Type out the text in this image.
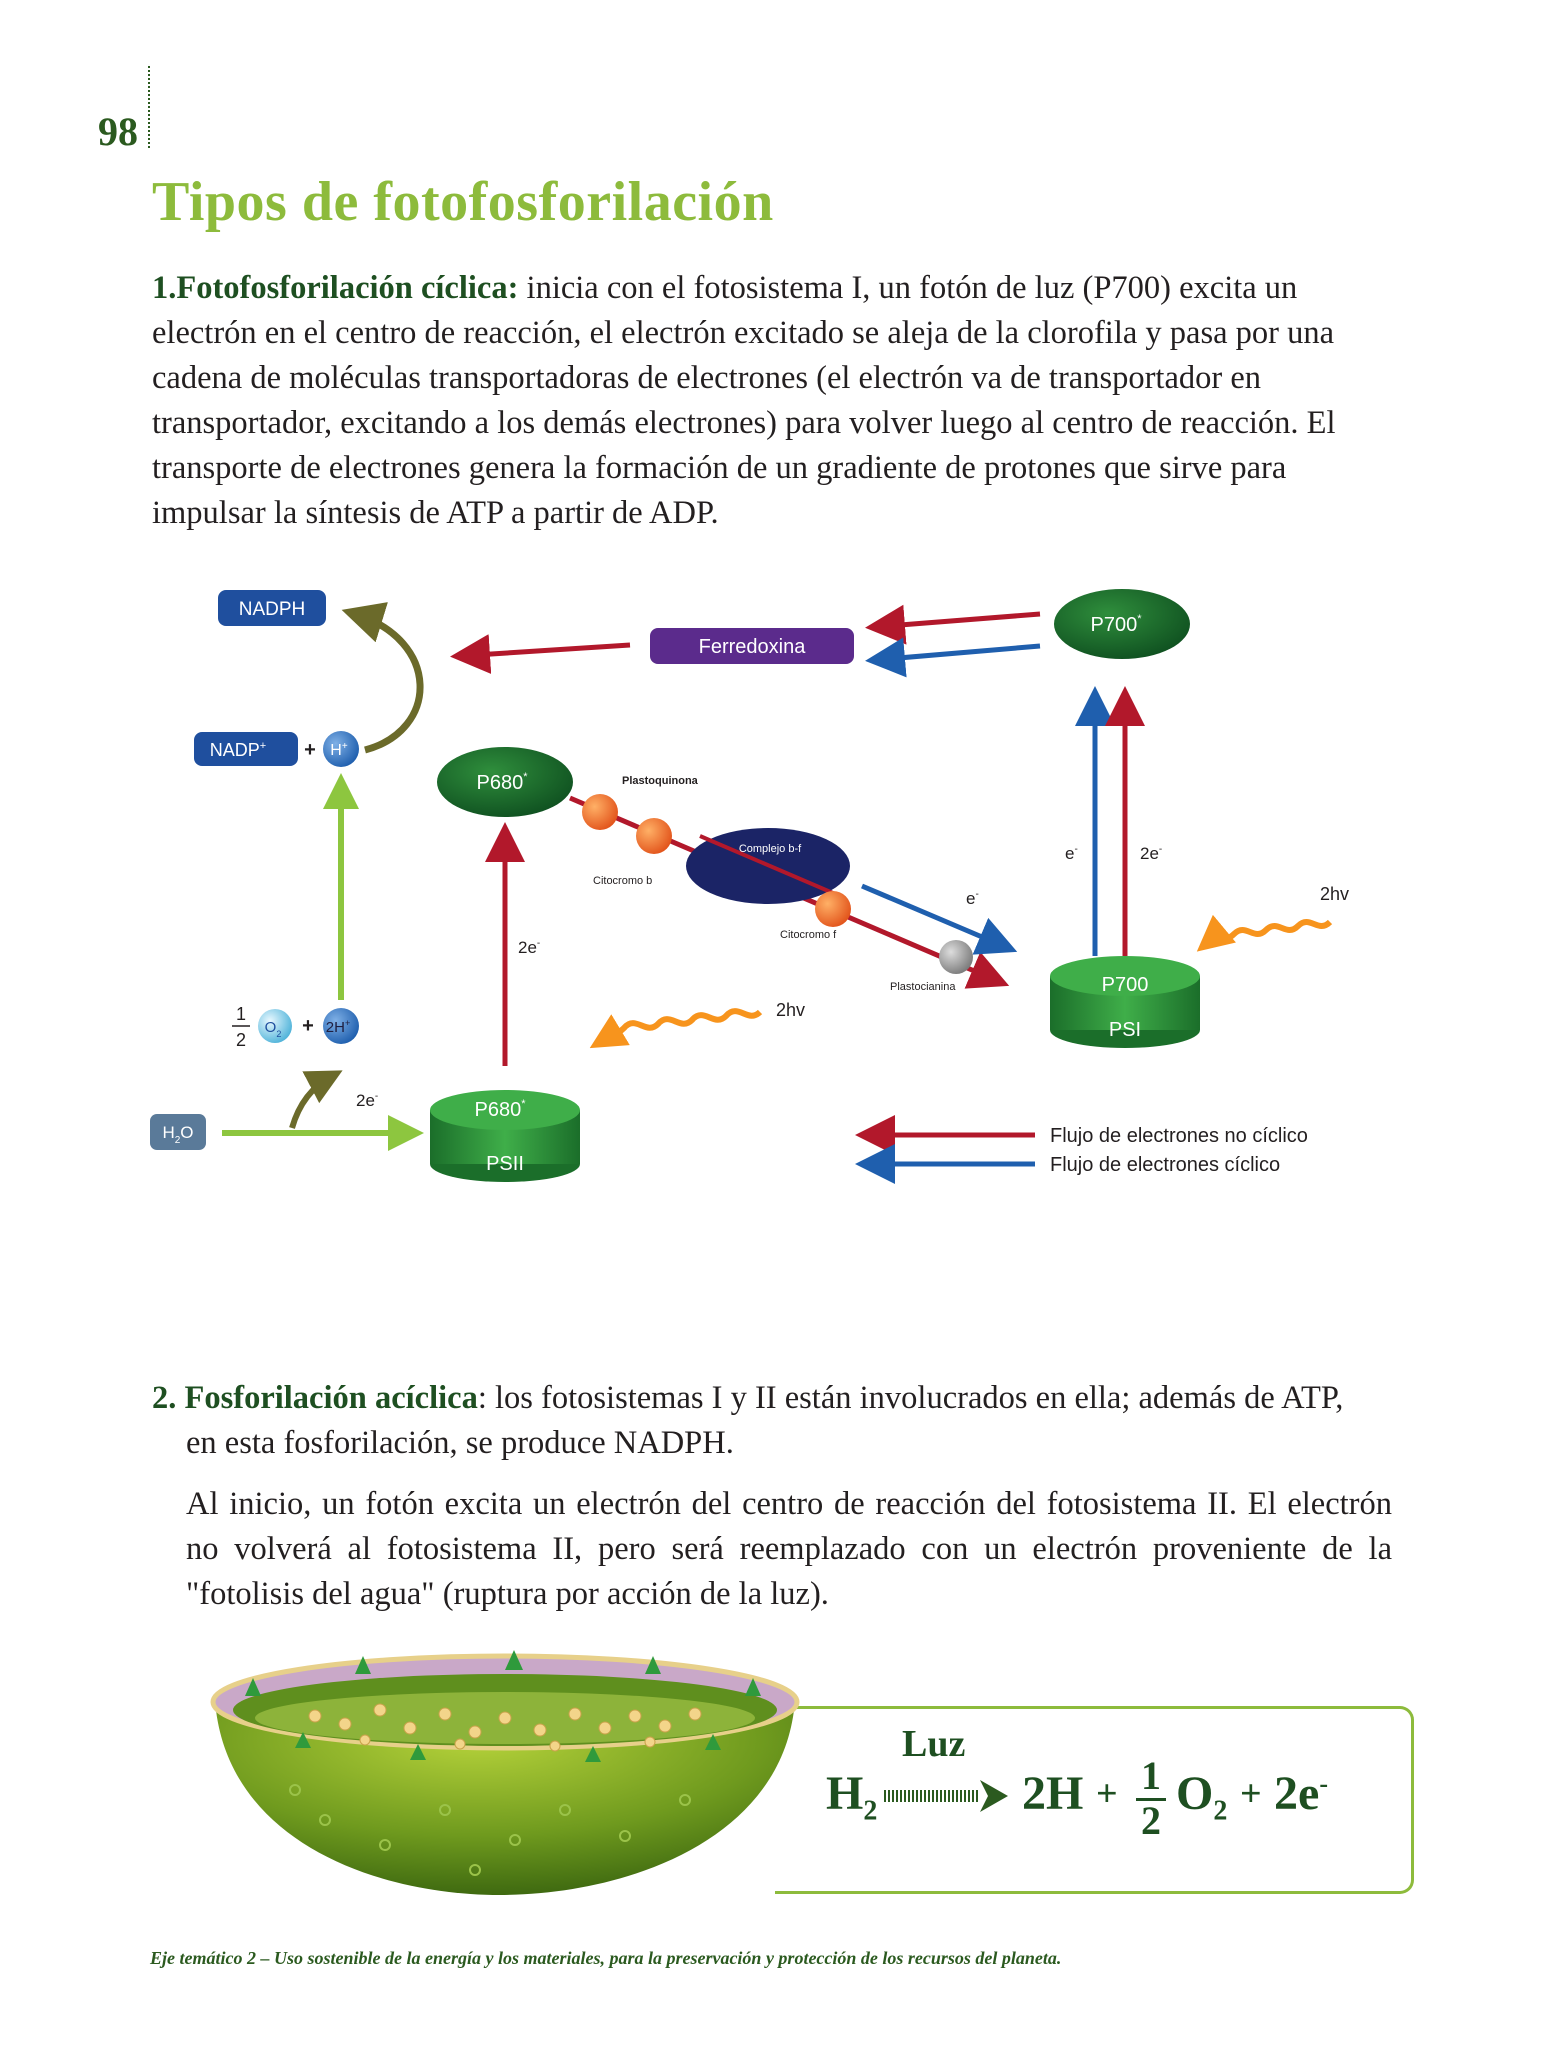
98
Tipos de fotofosforilación
1.Fotofosforilación cíclica: inicia con el fotosistema I, un fotón de luz (P700) excita un electrón en el centro de reacción, el electrón excitado se aleja de la clorofila y pasa por una cadena de moléculas transportadoras de electrones (el electrón va de transportador en transportador, excitando a los demás electrones) para volver luego al centro de reacción. El transporte de electrones genera la formación de un gradiente de protones que sirve para impulsar la síntesis de ATP a partir de ADP.
NADPH
Ferredoxina
P700*
NADP+ + H+
P680*
Complejo b-f
Plastoquinona
Citocromo b
Citocromo f
Plastocianina
e-
e-	2e-
2hv
P700
PSI
2e-
2hv
1
2
$O_2 + 2H^+$
$H_2O$
2e-
P680*
PSII
Flujo de electrones no cíclico
Flujo de electrones cíclico
2. Fosforilación acíclica: los fotosistemas I y II están involucrados en ella; además de ATP,
en esta fosforilación, se produce NADPH.
Al inicio, un fotón excita un electrón del centro de reacción del fotosistema II. El electrón no volverá al fotosistema II, pero será reemplazado con un electrón proveniente de la "fotolisis del agua" (ruptura por acción de la luz).
Luz
$H_2$	$2H + \frac{1}{2} O_2 + 2e^-$
Eje temático 2 – Uso sostenible de la energía y los materiales, para la preservación y protección de los recursos del planeta.
